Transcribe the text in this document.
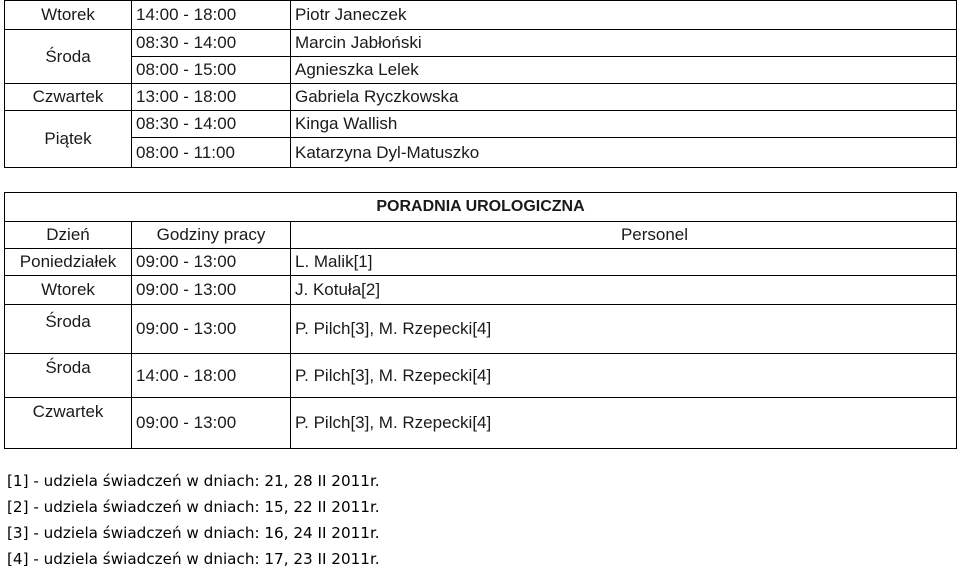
Wtorek	14:00 - 18:00	Piotr Janeczek
Środa	08:30 - 14:00	Marcin Jabłoński
	08:00 - 15:00	Agnieszka Lelek
Czwartek	13:00 - 18:00	Gabriela Ryczkowska
Piątek	08:30 - 14:00	Kinga Wallish
	08:00 - 11:00	Katarzyna Dyl-Matuszko
PORADNIA UROLOGICZNA		
Dzień	Godziny pracy	Personel
Poniedziałek	09:00 - 13:00	L. Malik[1]
Wtorek	09:00 - 13:00	J. Kotuła[2]
Środa	09:00 - 13:00	P. Pilch[3], M. Rzepecki[4]
Środa	14:00 - 18:00	P. Pilch[3], M. Rzepecki[4]
Czwartek	09:00 - 13:00	P. Pilch[3], M. Rzepecki[4]
[1] - udziela świadczeń w dniach: 21, 28 II 2011r.
[2] - udziela świadczeń w dniach: 15, 22 II 2011r.
[3] - udziela świadczeń w dniach: 16, 24 II 2011r.
[4] - udziela świadczeń w dniach: 17, 23 II 2011r.
